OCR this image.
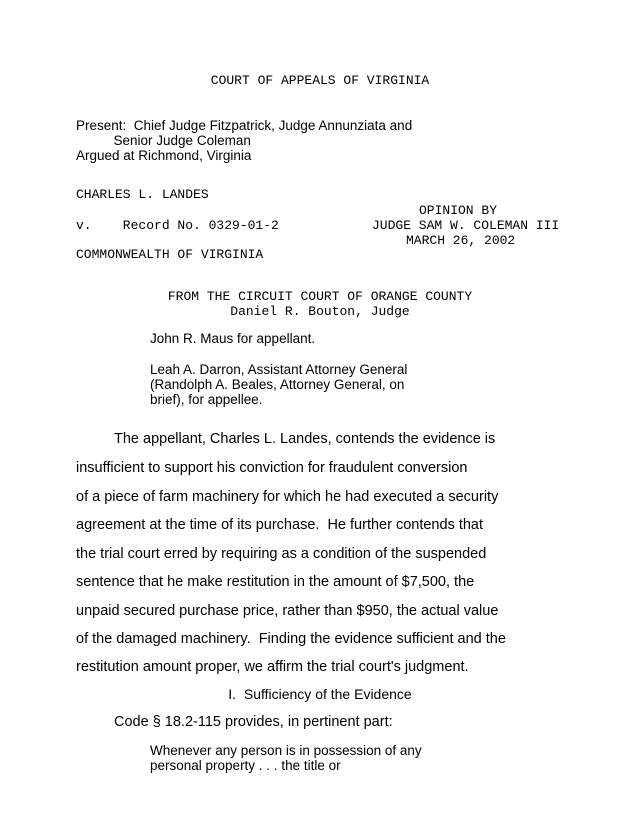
COURT OF APPEALS OF VIRGINIA
Present:  Chief Judge Fitzpatrick, Judge Annunziata and
Senior Judge Coleman
Argued at Richmond, Virginia
CHARLES L. LANDES
v.    Record No. 0329-01-2
COMMONWEALTH OF VIRGINIA
OPINION BY
JUDGE SAM W. COLEMAN III
MARCH 26, 2002
FROM THE CIRCUIT COURT OF ORANGE COUNTY
Daniel R. Bouton, Judge
John R. Maus for appellant.
Leah A. Darron, Assistant Attorney General
(Randolph A. Beales, Attorney General, on
brief), for appellee.
The appellant, Charles L. Landes, contends the evidence is
insufficient to support his conviction for fraudulent conversion
of a piece of farm machinery for which he had executed a security
agreement at the time of its purchase.  He further contends that
the trial court erred by requiring as a condition of the suspended
sentence that he make restitution in the amount of $7,500, the
unpaid secured purchase price, rather than $950, the actual value
of the damaged machinery.  Finding the evidence sufficient and the
restitution amount proper, we affirm the trial court's judgment.
I.  Sufficiency of the Evidence
Code § 18.2-115 provides, in pertinent part:
Whenever any person is in possession of any
personal property . . . the title or
